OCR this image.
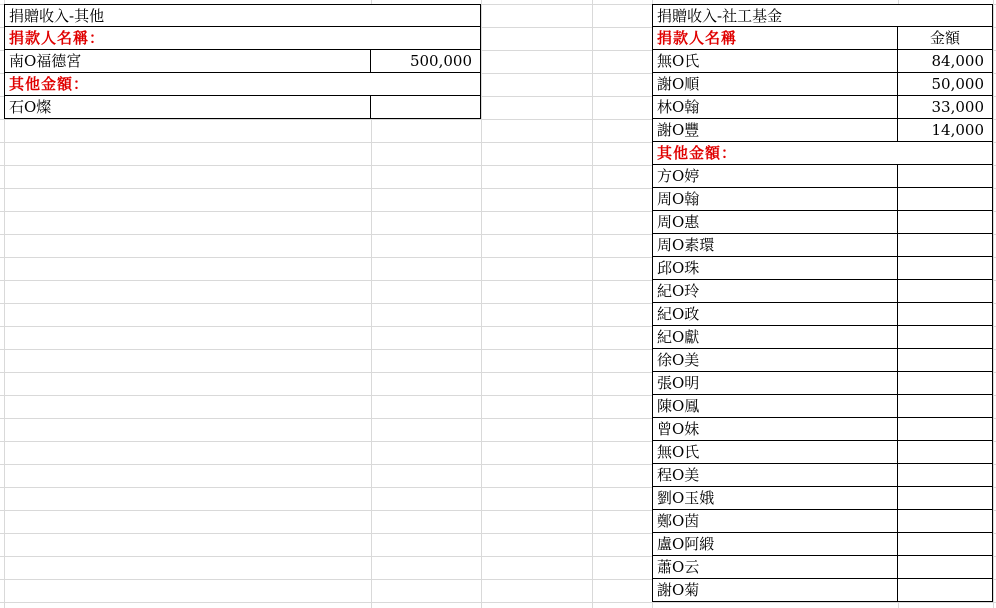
捐贈收入-其他
捐款人名稱：
南O福德宮	500,000
其他金額：
石O燦
捐贈收入-社工基金
捐款人名稱	金額
無O氏	84,000
謝O順	50,000
林O翰	33,000
謝O豐	14,000
其他金額：
方O婷
周O翰
周O惠
周O素環
邱O珠
紀O玲
紀O政
紀O獻
徐O美
張O明
陳O鳳
曾O妹
無O氏
程O美
劉O玉娥
鄭O茵
盧O阿緞
蕭O云
謝O菊
